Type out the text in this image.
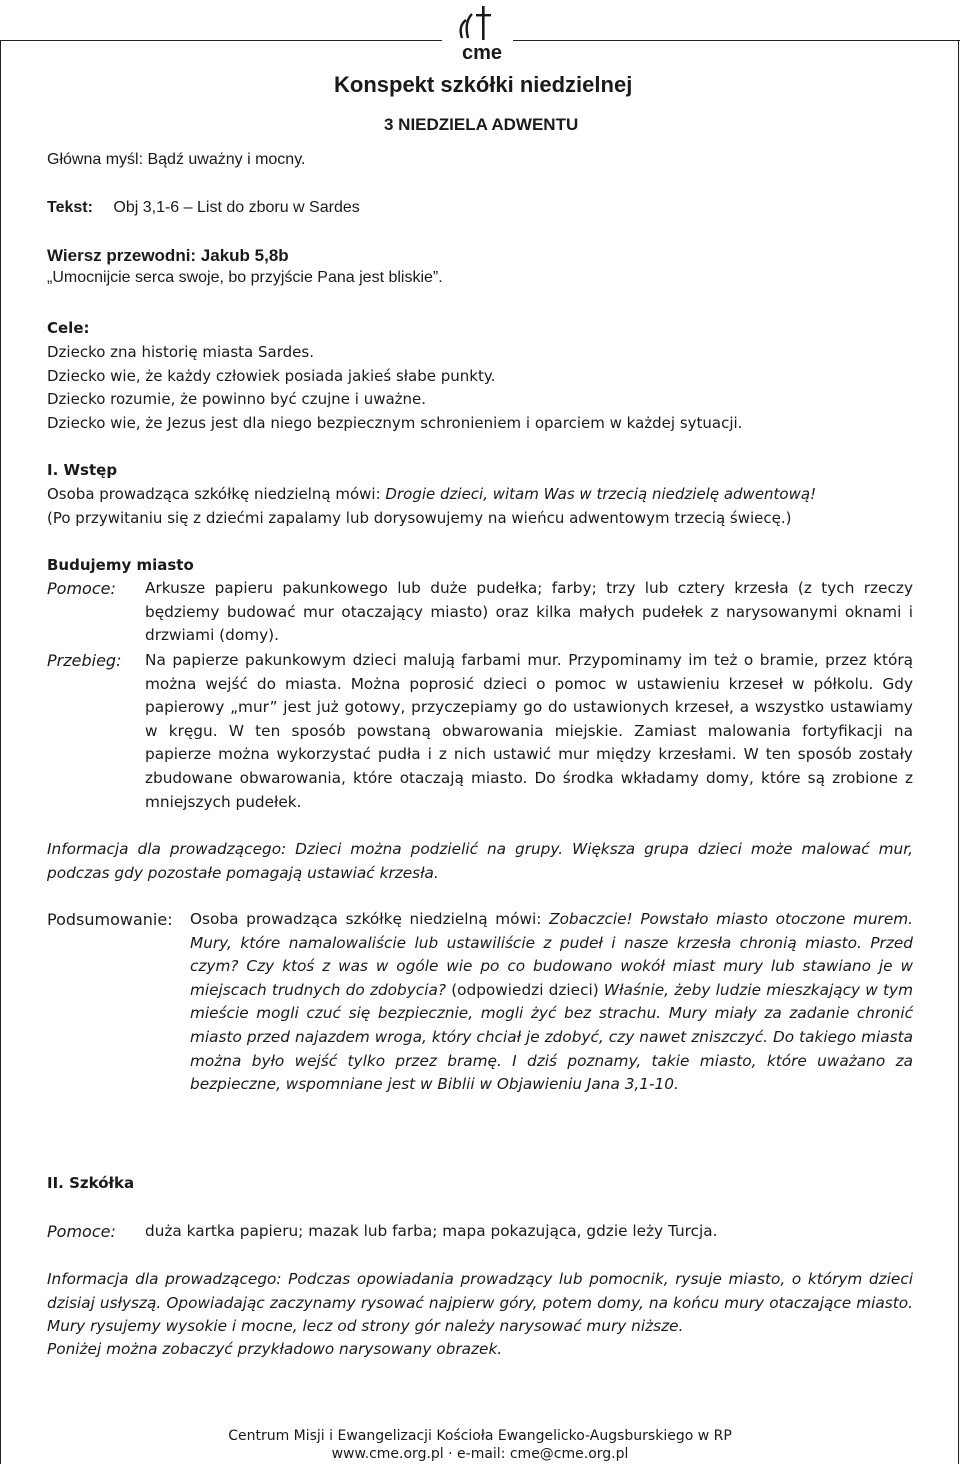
cme
Konspekt szkółki niedzielnej
3 NIEDZIELA ADWENTU
Główna myśl: Bądź uważny i mocny.
Tekst: Obj 3,1-6 – List do zboru w Sardes
Wiersz przewodni: Jakub 5,8b
„Umocnijcie serca swoje, bo przyjście Pana jest bliskie”.
Cele:
Dziecko zna historię miasta Sardes.
Dziecko wie, że każdy człowiek posiada jakieś słabe punkty.
Dziecko rozumie, że powinno być czujne i uważne.
Dziecko wie, że Jezus jest dla niego bezpiecznym schronieniem i oparciem w każdej sytuacji.
I. Wstęp
Osoba prowadząca szkółkę niedzielną mówi: Drogie dzieci, witam Was w trzecią niedzielę adwentową!
(Po przywitaniu się z dziećmi zapalamy lub dorysowujemy na wieńcu adwentowym trzecią świecę.)
Budujemy miasto
Pomoce: Arkusze papieru pakunkowego lub duże pudełka; farby; trzy lub cztery krzesła (z tych rzeczy będziemy budować mur otaczający miasto) oraz kilka małych pudełek z narysowanymi oknami i drzwiami (domy).
Przebieg: Na papierze pakunkowym dzieci malują farbami mur. Przypominamy im też o bramie, przez którą można wejść do miasta. Można poprosić dzieci o pomoc w ustawieniu krzeseł w półkolu. Gdy papierowy „mur” jest już gotowy, przyczepiamy go do ustawionych krzeseł, a wszystko ustawiamy w kręgu. W ten sposób powstaną obwarowania miejskie. Zamiast malowania fortyfikacji na papierze można wykorzystać pudła i z nich ustawić mur między krzesłami. W ten sposób zostały zbudowane obwarowania, które otaczają miasto. Do środka wkładamy domy, które są zrobione z mniejszych pudełek.
Informacja dla prowadzącego: Dzieci można podzielić na grupy. Większa grupa dzieci może malować mur, podczas gdy pozostałe pomagają ustawiać krzesła.
Podsumowanie: Osoba prowadząca szkółkę niedzielną mówi: Zobaczcie! Powstało miasto otoczone murem. Mury, które namalowaliście lub ustawiliście z pudeł i nasze krzesła chronią miasto. Przed czym? Czy ktoś z was w ogóle wie po co budowano wokół miast mury lub stawiano je w miejscach trudnych do zdobycia? (odpowiedzi dzieci) Właśnie, żeby ludzie mieszkający w tym mieście mogli czuć się bezpiecznie, mogli żyć bez strachu. Mury miały za zadanie chronić miasto przed najazdem wroga, który chciał je zdobyć, czy nawet zniszczyć. Do takiego miasta można było wejść tylko przez bramę. I dziś poznamy, takie miasto, które uważano za bezpieczne, wspomniane jest w Biblii w Objawieniu Jana 3,1-10.
II. Szkółka
Pomoce: duża kartka papieru; mazak lub farba; mapa pokazująca, gdzie leży Turcja.
Informacja dla prowadzącego: Podczas opowiadania prowadzący lub pomocnik, rysuje miasto, o którym dzieci dzisiaj usłyszą. Opowiadając zaczynamy rysować najpierw góry, potem domy, na końcu mury otaczające miasto. Mury rysujemy wysokie i mocne, lecz od strony gór należy narysować mury niższe.
Poniżej można zobaczyć przykładowo narysowany obrazek.
Centrum Misji i Ewangelizacji Kościoła Ewangelicko-Augsburskiego w RP
www.cme.org.pl · e-mail: cme@cme.org.pl
